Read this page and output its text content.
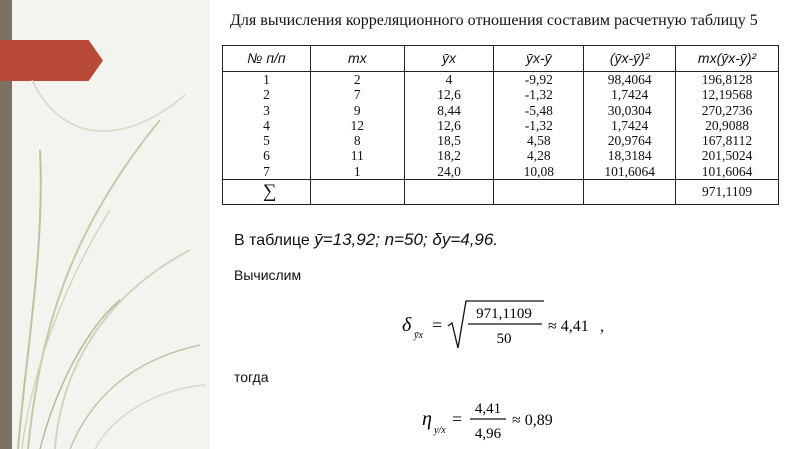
Для вычисления корреляционного отношения составим расчетную таблицу 5
№ п/п	mx	ȳx	ȳx-ȳ	(ȳx-ȳ)²	mx(ȳx-ȳ)²
1	2	4	-9,92	98,4064	196,8128
2	7	12,6	-1,32	1,7424	12,19568
3	9	8,44	-5,48	30,0304	270,2736
4	12	12,6	-1,32	1,7424	20,9088
5	8	18,5	4,58	20,9764	167,8112
6	11	18,2	4,28	18,3184	201,5024
7	1	24,0	10,08	101,6064	101,6064
∑					971,1109
В таблице ȳ=13,92; n=50; δy=4,96.
Вычислим
δ ȳx
=
971,1109
50
≈ 4,41 ,
тогда
η
y/x
= 4,41
4,96
≈ 0,89
